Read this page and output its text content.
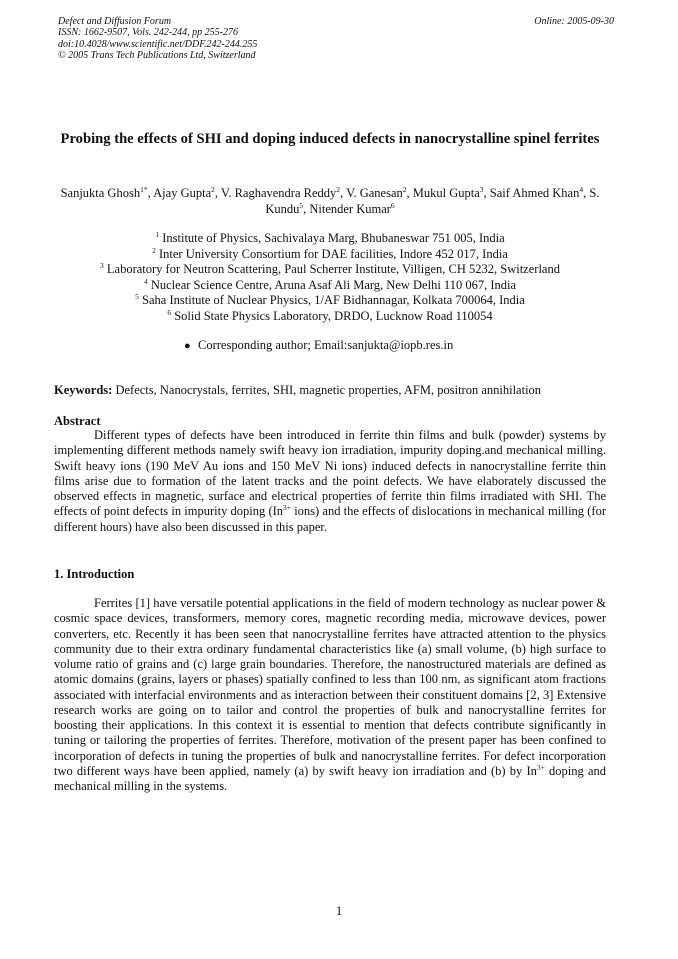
Defect and Diffusion Forum
ISSN: 1662-9507, Vols. 242-244, pp 255-276
doi:10.4028/www.scientific.net/DDF.242-244.255
© 2005 Trans Tech Publications Ltd, Switzerland
Online: 2005-09-30
Probing the effects of SHI and doping induced defects in nanocrystalline spinel ferrites
Sanjukta Ghosh$^{1*}$, Ajay Gupta$^2$, V. Raghavendra Reddy$^2$, V. Ganesan$^2$, Mukul Gupta$^3$, Saif Ahmed Khan$^4$, S. Kundu$^5$, Nitender Kumar$^6$
$^1$ Institute of Physics, Sachivalaya Marg, Bhubaneswar 751 005, India
$^2$ Inter University Consortium for DAE facilities, Indore 452 017, India
$^3$ Laboratory for Neutron Scattering, Paul Scherrer Institute, Villigen, CH 5232, Switzerland
$^4$ Nuclear Science Centre, Aruna Asaf Ali Marg, New Delhi 110 067, India
$^5$ Saha Institute of Nuclear Physics, 1/AF Bidhannagar, Kolkata 700064, India
$^6$ Solid State Physics Laboratory, DRDO, Lucknow Road 110054
● Corresponding author; Email:sanjukta@iopb.res.in
Keywords: Defects, Nanocrystals, ferrites, SHI, magnetic properties, AFM, positron annihilation
Abstract
Different types of defects have been introduced in ferrite thin films and bulk (powder) systems by implementing different methods namely swift heavy ion irradiation, impurity doping.and mechanical milling. Swift heavy ions (190 MeV Au ions and 150 MeV Ni ions) induced defects in nanocrystalline ferrite thin films arise due to formation of the latent tracks and the point defects. We have elaborately discussed the observed effects in magnetic, surface and electrical properties of ferrite thin films irradiated with SHI. The effects of point defects in impurity doping ($In^{3+}$ ions) and the effects of dislocations in mechanical milling (for different hours) have also been discussed in this paper.
1. Introduction
Ferrites [1] have versatile potential applications in the field of modern technology as nuclear power & cosmic space devices, transformers, memory cores, magnetic recording media, microwave devices, power converters, etc. Recently it has been seen that nanocrystalline ferrites have attracted attention to the physics community due to their extra ordinary fundamental characteristics like (a) small volume, (b) high surface to volume ratio of grains and (c) large grain boundaries. Therefore, the nanostructured materials are defined as atomic domains (grains, layers or phases) spatially confined to less than 100 nm, as significant atom fractions associated with interfacial environments and as interaction between their constituent domains [2, 3] Extensive research works are going on to tailor and control the properties of bulk and nanocrystalline ferrites for boosting their applications. In this context it is essential to mention that defects contribute significantly in tuning or tailoring the properties of ferrites. Therefore, motivation of the present paper has been confined to incorporation of defects in tuning the properties of bulk and nanocrystalline ferrites. For defect incorporation two different ways have been applied, namely (a) by swift heavy ion irradiation and (b) by $In^{3+}$ doping and mechanical milling in the systems.
1
